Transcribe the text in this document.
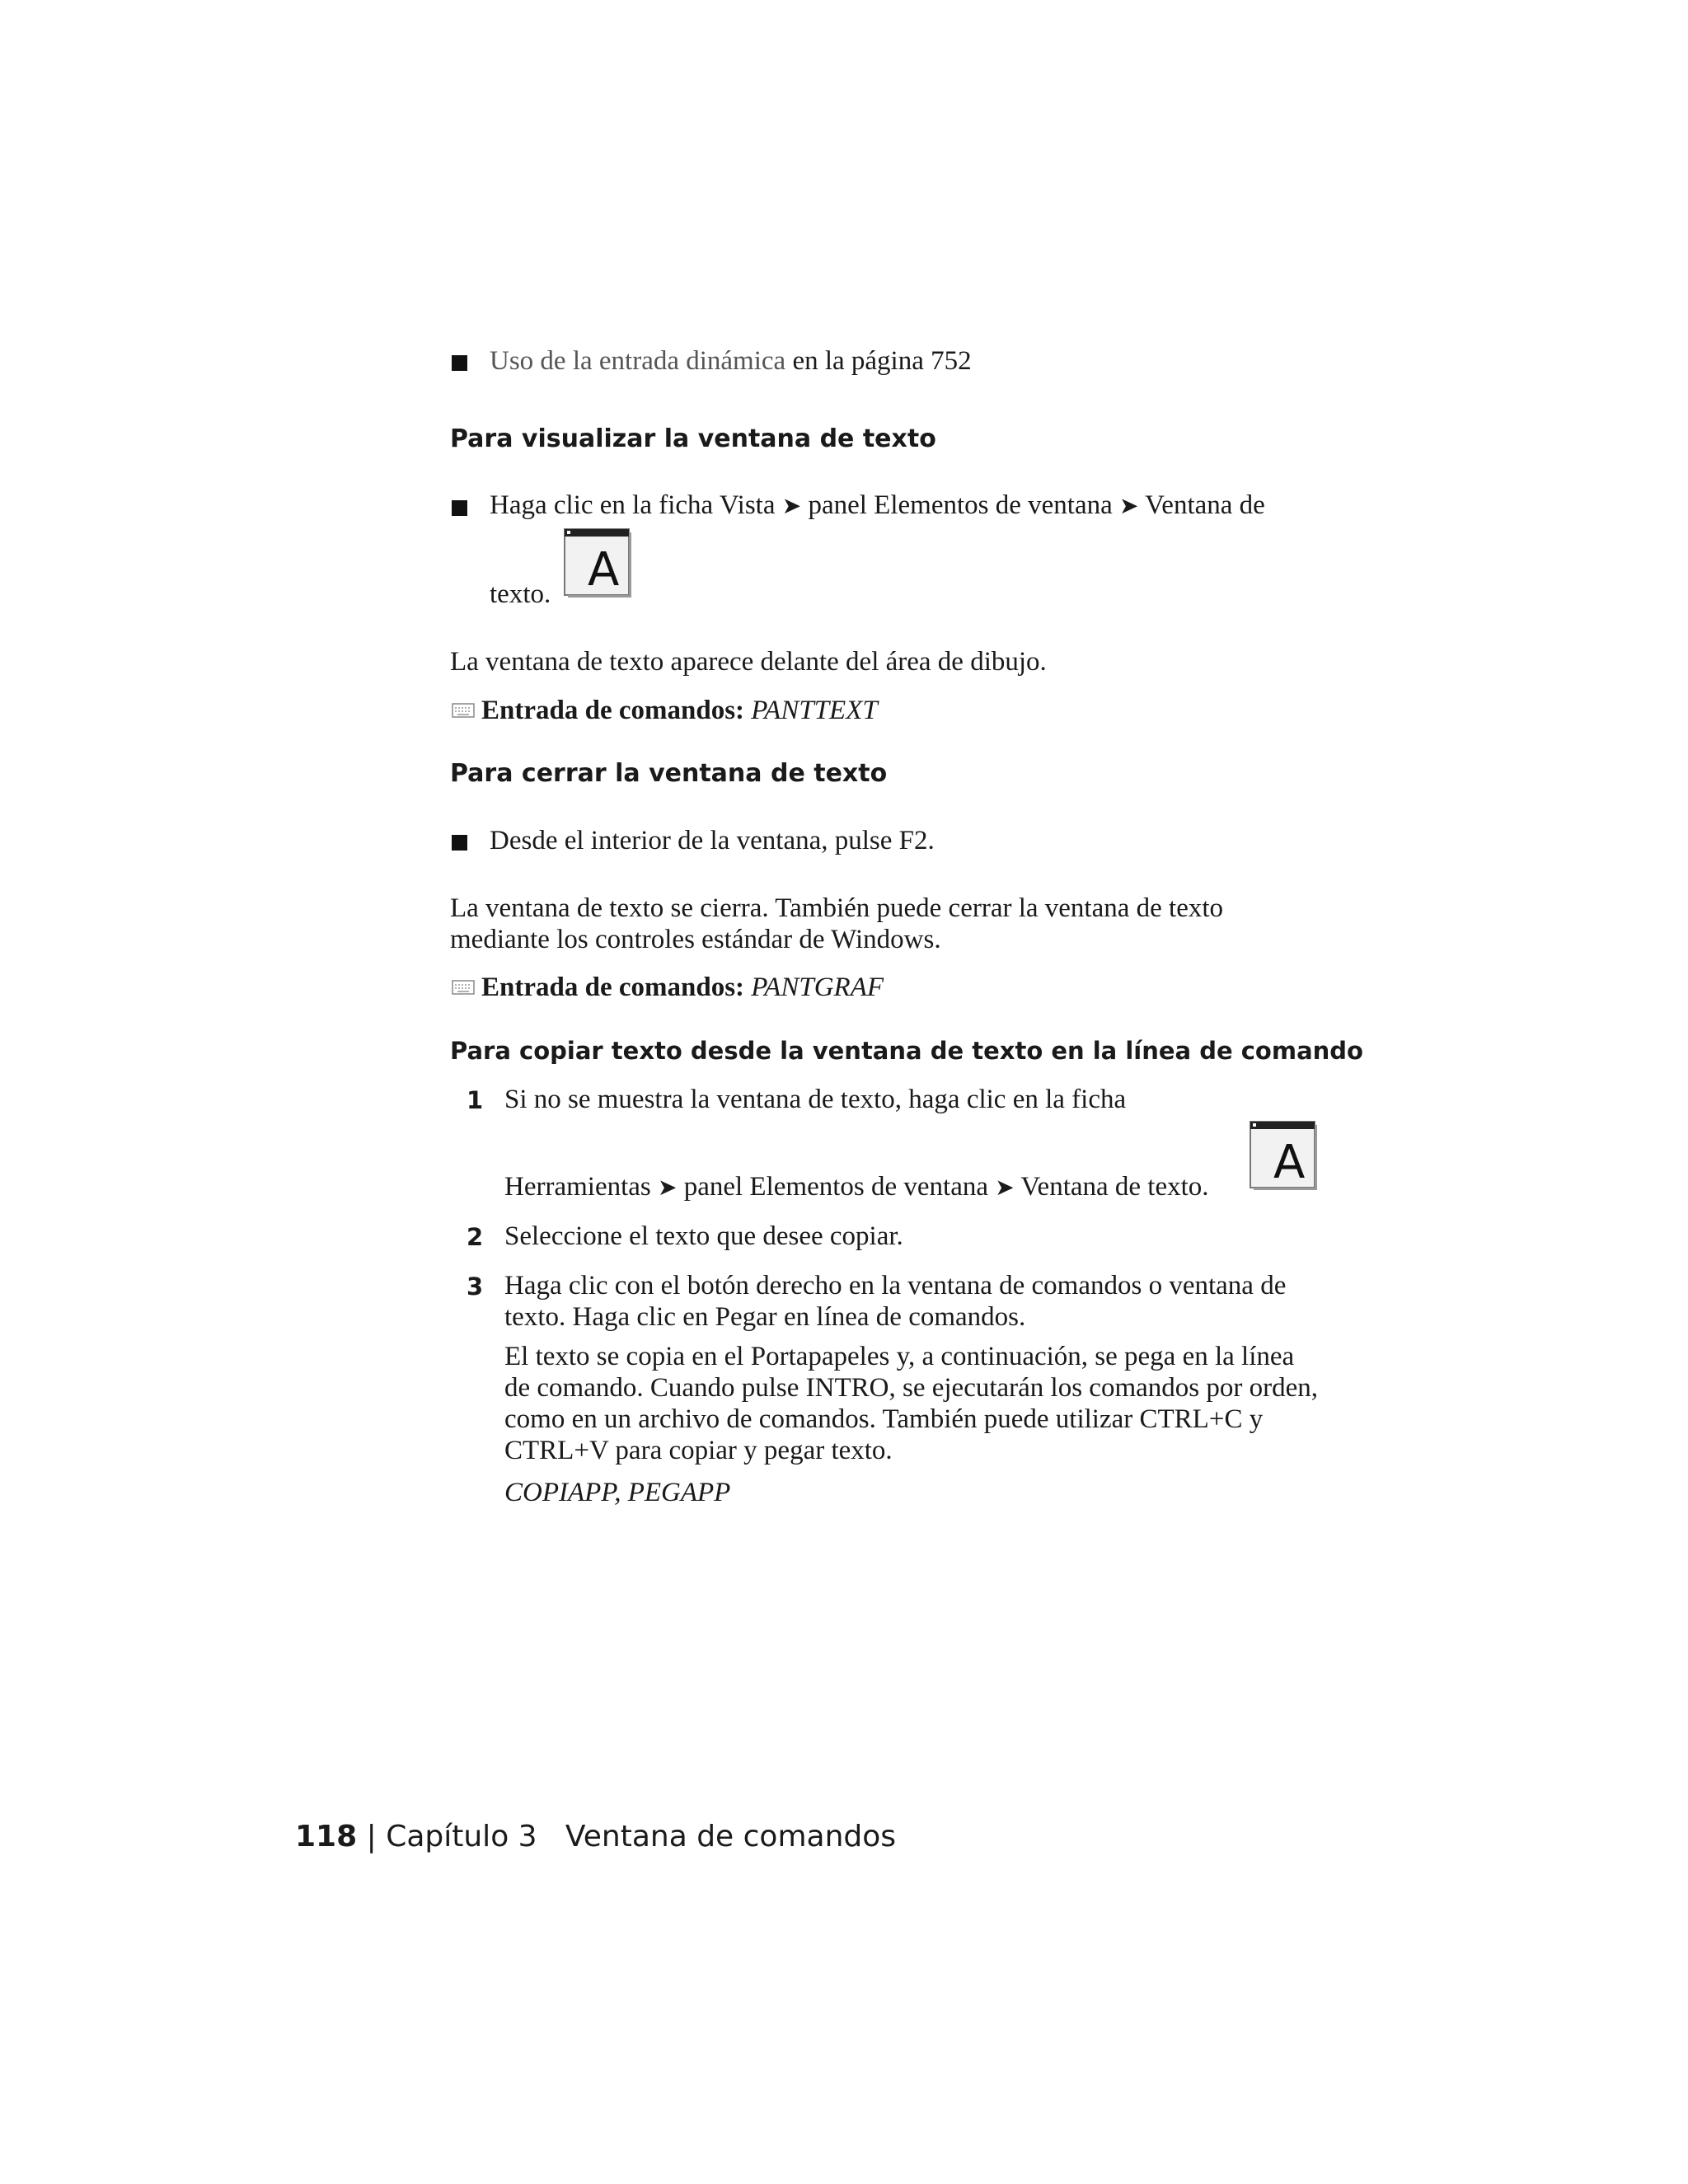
Uso de la entrada dinámica en la página 752
Para visualizar la ventana de texto
Haga clic en la ficha Vista ➤ panel Elementos de ventana ➤ Ventana de
texto. A
La ventana de texto aparece delante del área de dibujo.
Entrada de comandos: PANTTEXT
Para cerrar la ventana de texto
Desde el interior de la ventana, pulse F2.
La ventana de texto se cierra. También puede cerrar la ventana de texto
mediante los controles estándar de Windows.
Entrada de comandos: PANTGRAF
Para copiar texto desde la ventana de texto en la línea de comando
1 Si no se muestra la ventana de texto, haga clic en la ficha
Herramientas ➤ panel Elementos de ventana ➤ Ventana de texto. A
2 Seleccione el texto que desee copiar.
3 Haga clic con el botón derecho en la ventana de comandos o ventana de
texto. Haga clic en Pegar en línea de comandos.
El texto se copia en el Portapapeles y, a continuación, se pega en la línea
de comando. Cuando pulse INTRO, se ejecutarán los comandos por orden,
como en un archivo de comandos. También puede utilizar CTRL+C y
CTRL+V para copiar y pegar texto.
COPIAPP, PEGAPP
118 | Capítulo 3 Ventana de comandos
